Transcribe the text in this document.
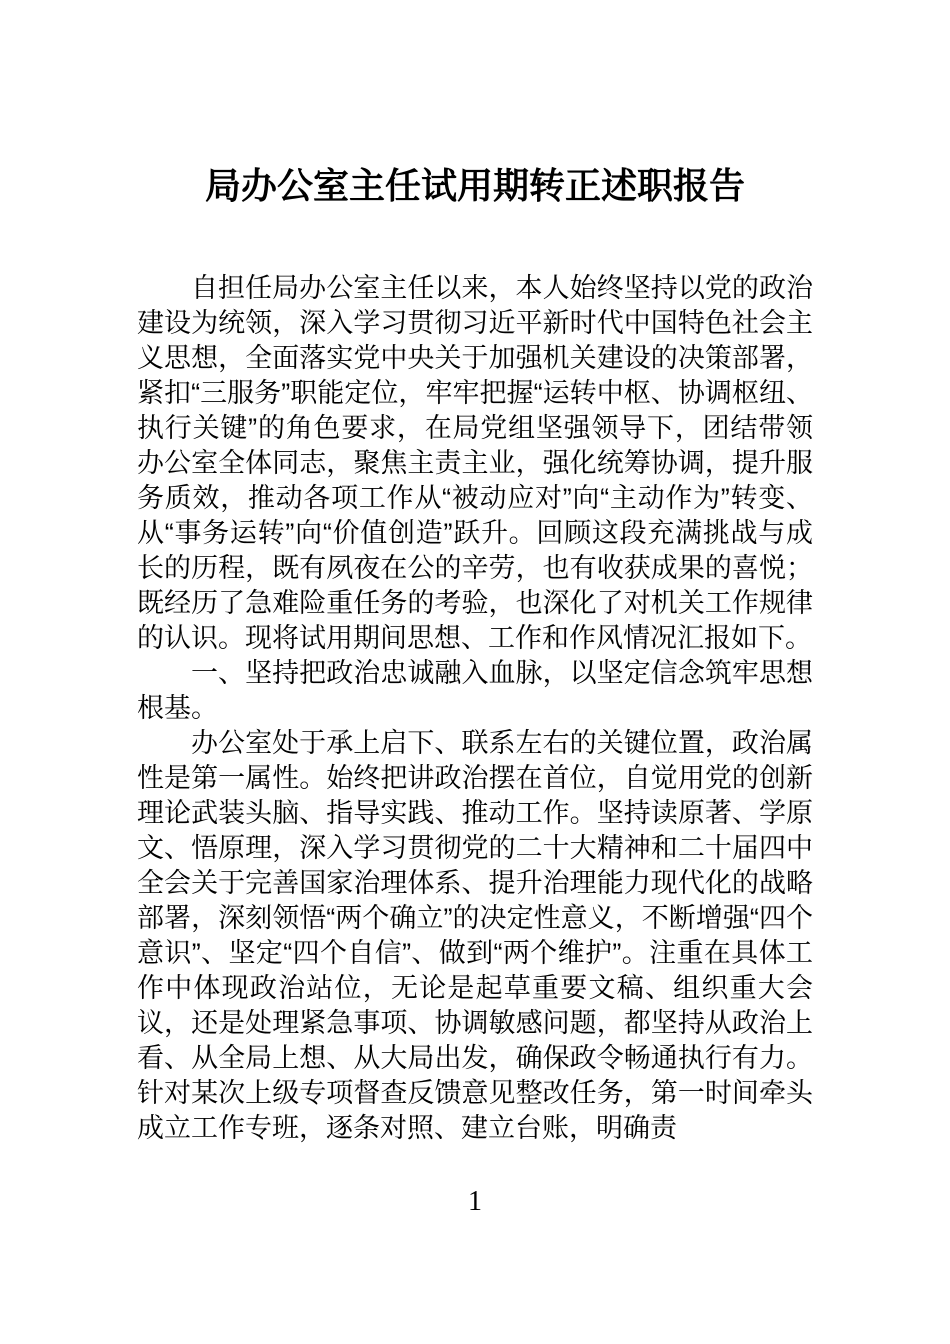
局办公室主任试用期转正述职报告

自担任局办公室主任以来，本人始终坚持以党的政治建设为统领，深入学习贯彻习近平新时代中国特色社会主义思想，全面落实党中央关于加强机关建设的决策部署，紧扣“三服务”职能定位，牢牢把握“运转中枢、协调枢纽、执行关键”的角色要求，在局党组坚强领导下，团结带领办公室全体同志，聚焦主责主业，强化统筹协调，提升服务质效，推动各项工作从“被动应对”向“主动作为”转变、从“事务运转”向“价值创造”跃升。回顾这段充满挑战与成长的历程，既有夙夜在公的辛劳，也有收获成果的喜悦；既经历了急难险重任务的考验，也深化了对机关工作规律的认识。现将试用期间思想、工作和作风情况汇报如下。

一、坚持把政治忠诚融入血脉，以坚定信念筑牢思想根基。

办公室处于承上启下、联系左右的关键位置，政治属性是第一属性。始终把讲政治摆在首位，自觉用党的创新理论武装头脑、指导实践、推动工作。坚持读原著、学原文、悟原理，深入学习贯彻党的二十大精神和二十届四中全会关于完善国家治理体系、提升治理能力现代化的战略部署，深刻领悟“两个确立”的决定性意义，不断增强“四个意识”、坚定“四个自信”、做到“两个维护”。注重在具体工作中体现政治站位，无论是起草重要文稿、组织重大会议，还是处理紧急事项、协调敏感问题，都坚持从政治上看、从全局上想、从大局出发，确保政令畅通执行有力。针对某次上级专项督查反馈意见整改任务，第一时间牵头成立工作专班，逐条对照、建立台账，明确责

1
